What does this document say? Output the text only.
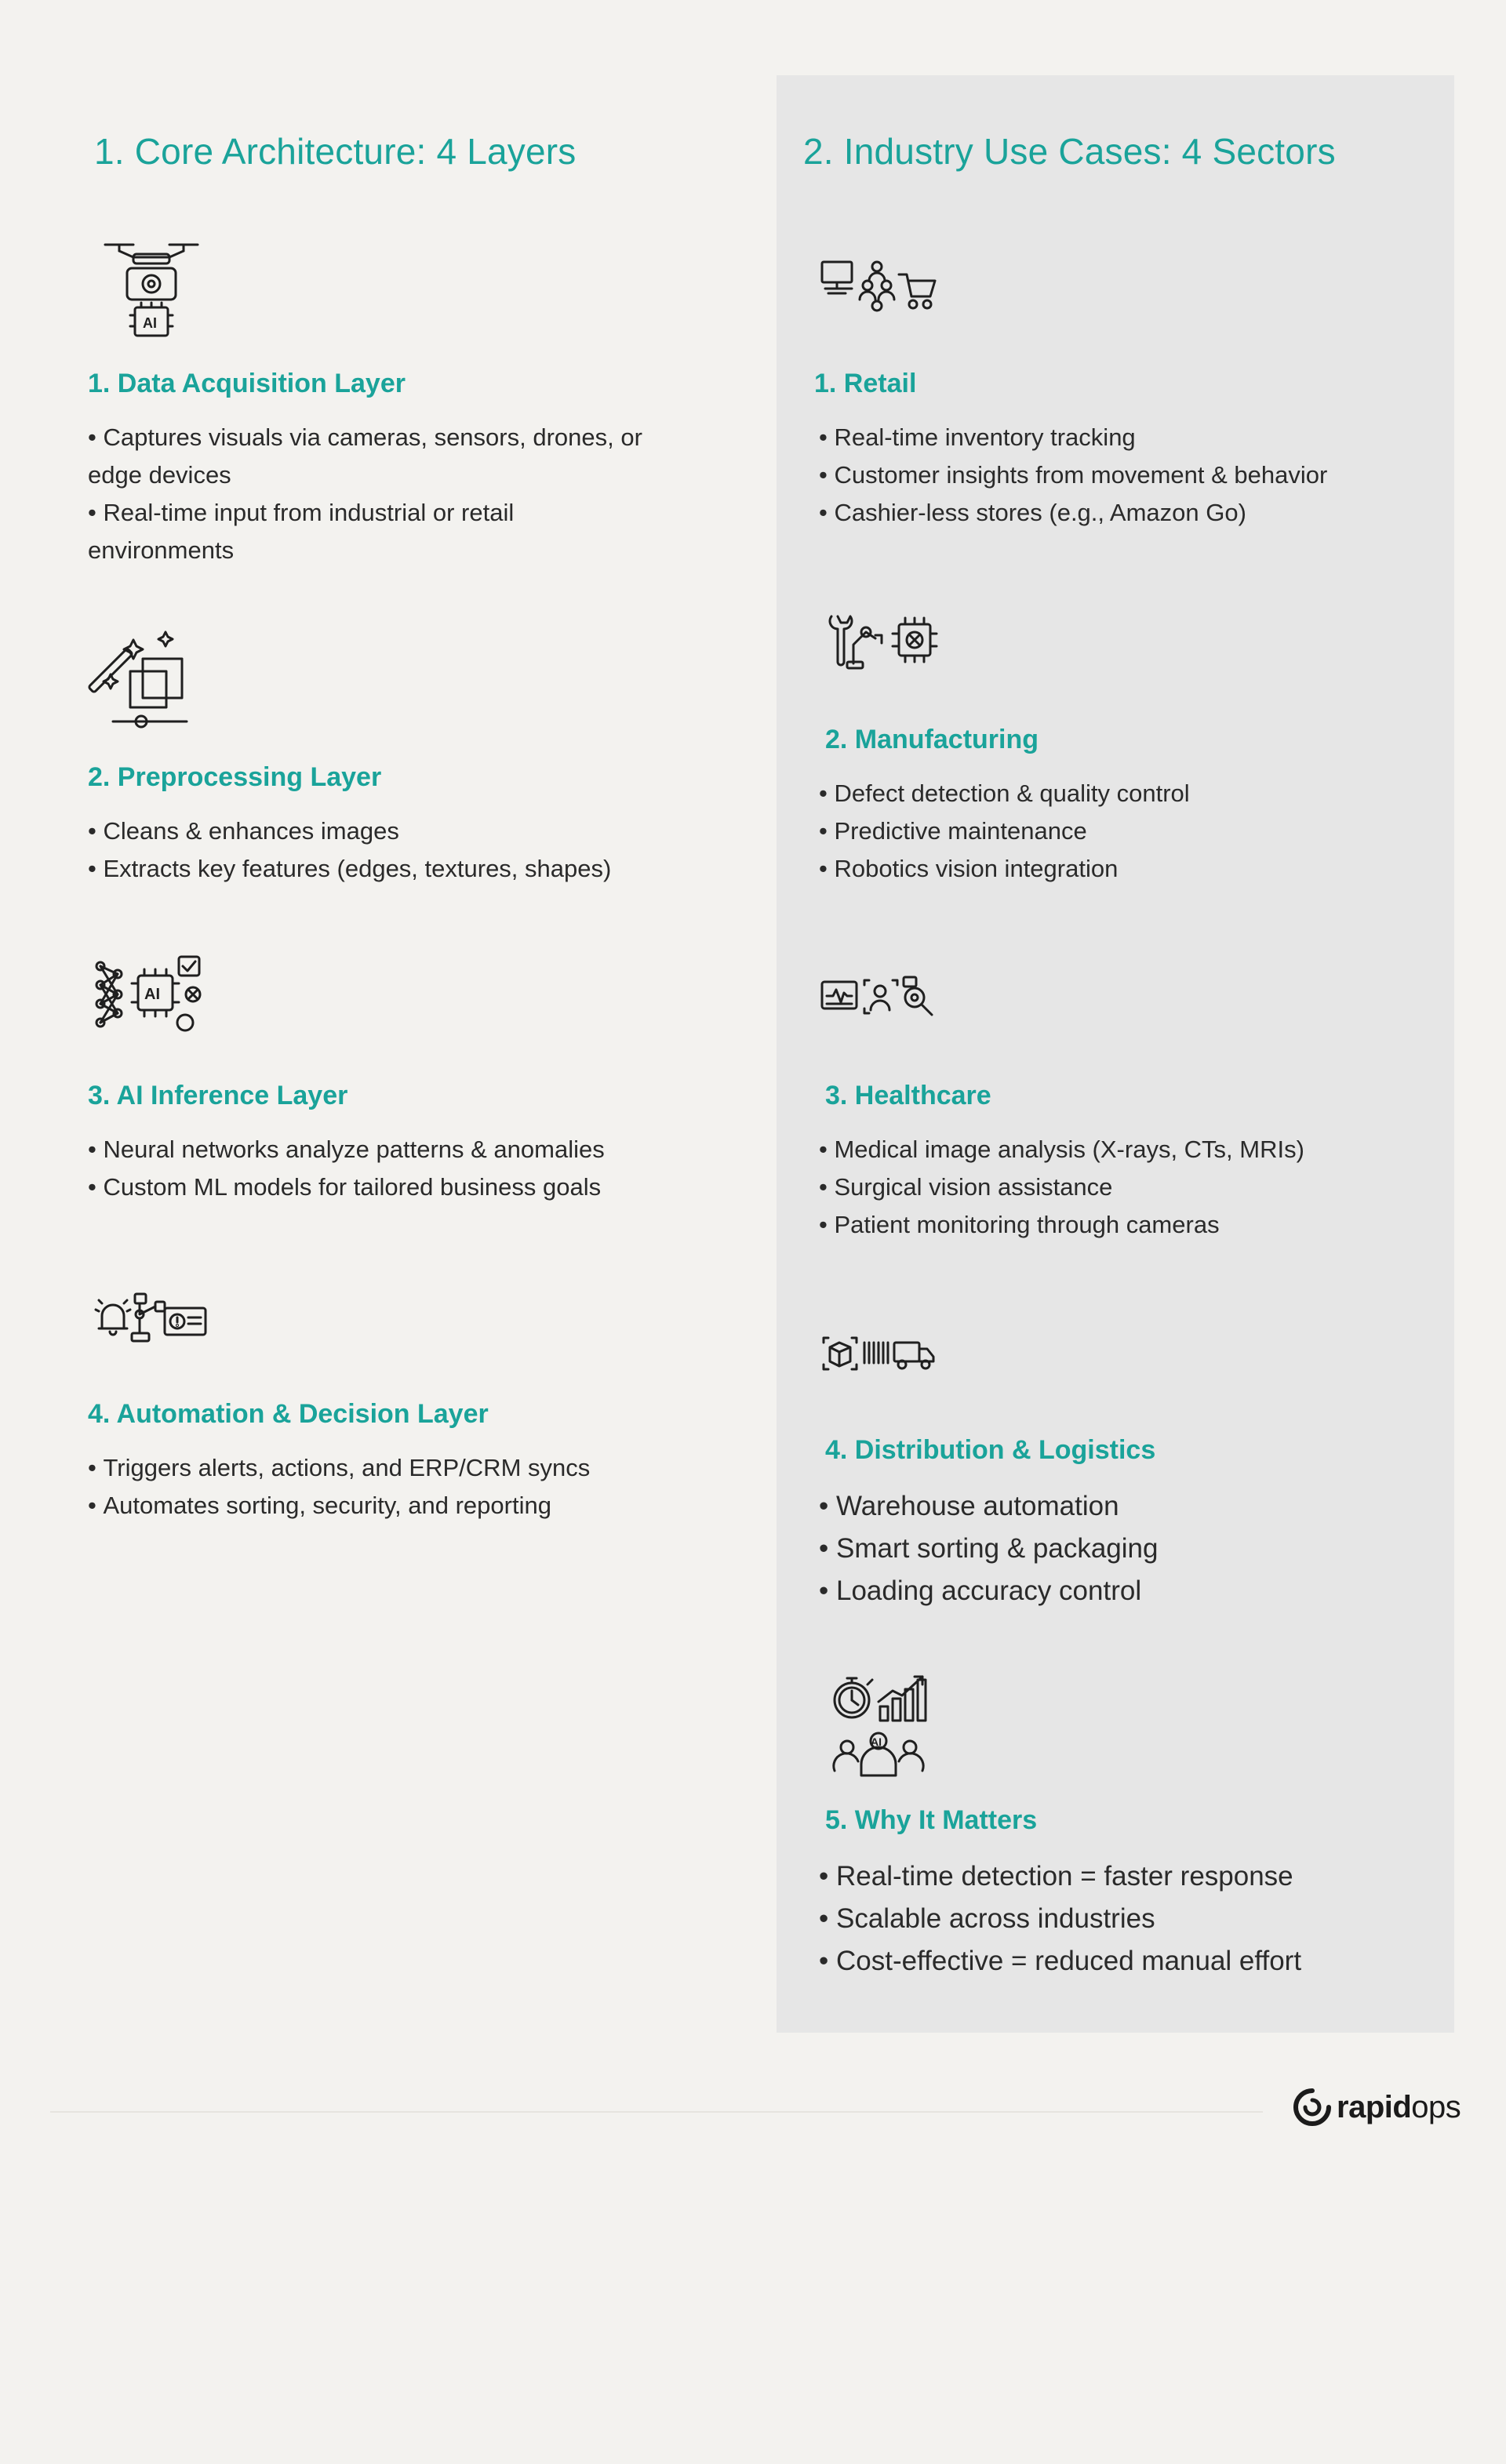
1. Core Architecture: 4 Layers
AI
1. Data Acquisition Layer
• Captures visuals via cameras, sensors, drones, or
edge devices
• Real-time input from industrial or retail
environments
2. Preprocessing Layer
• Cleans & enhances images
• Extracts key features (edges, textures, shapes)
AI
3. AI Inference Layer
• Neural networks analyze patterns & anomalies
• Custom ML models for tailored business goals
4. Automation & Decision Layer
• Triggers alerts, actions, and ERP/CRM syncs
• Automates sorting, security, and reporting
2. Industry Use Cases: 4 Sectors
1. Retail
• Real-time inventory tracking
• Customer insights from movement & behavior
• Cashier-less stores (e.g., Amazon Go)
2. Manufacturing
• Defect detection & quality control
• Predictive maintenance
• Robotics vision integration
3. Healthcare
• Medical image analysis (X-rays, CTs, MRIs)
• Surgical vision assistance
• Patient monitoring through cameras
4. Distribution & Logistics
• Warehouse automation
• Smart sorting & packaging
• Loading accuracy control
AI
5. Why It Matters
• Real-time detection = faster response
• Scalable across industries
• Cost-effective = reduced manual effort
rapidops
